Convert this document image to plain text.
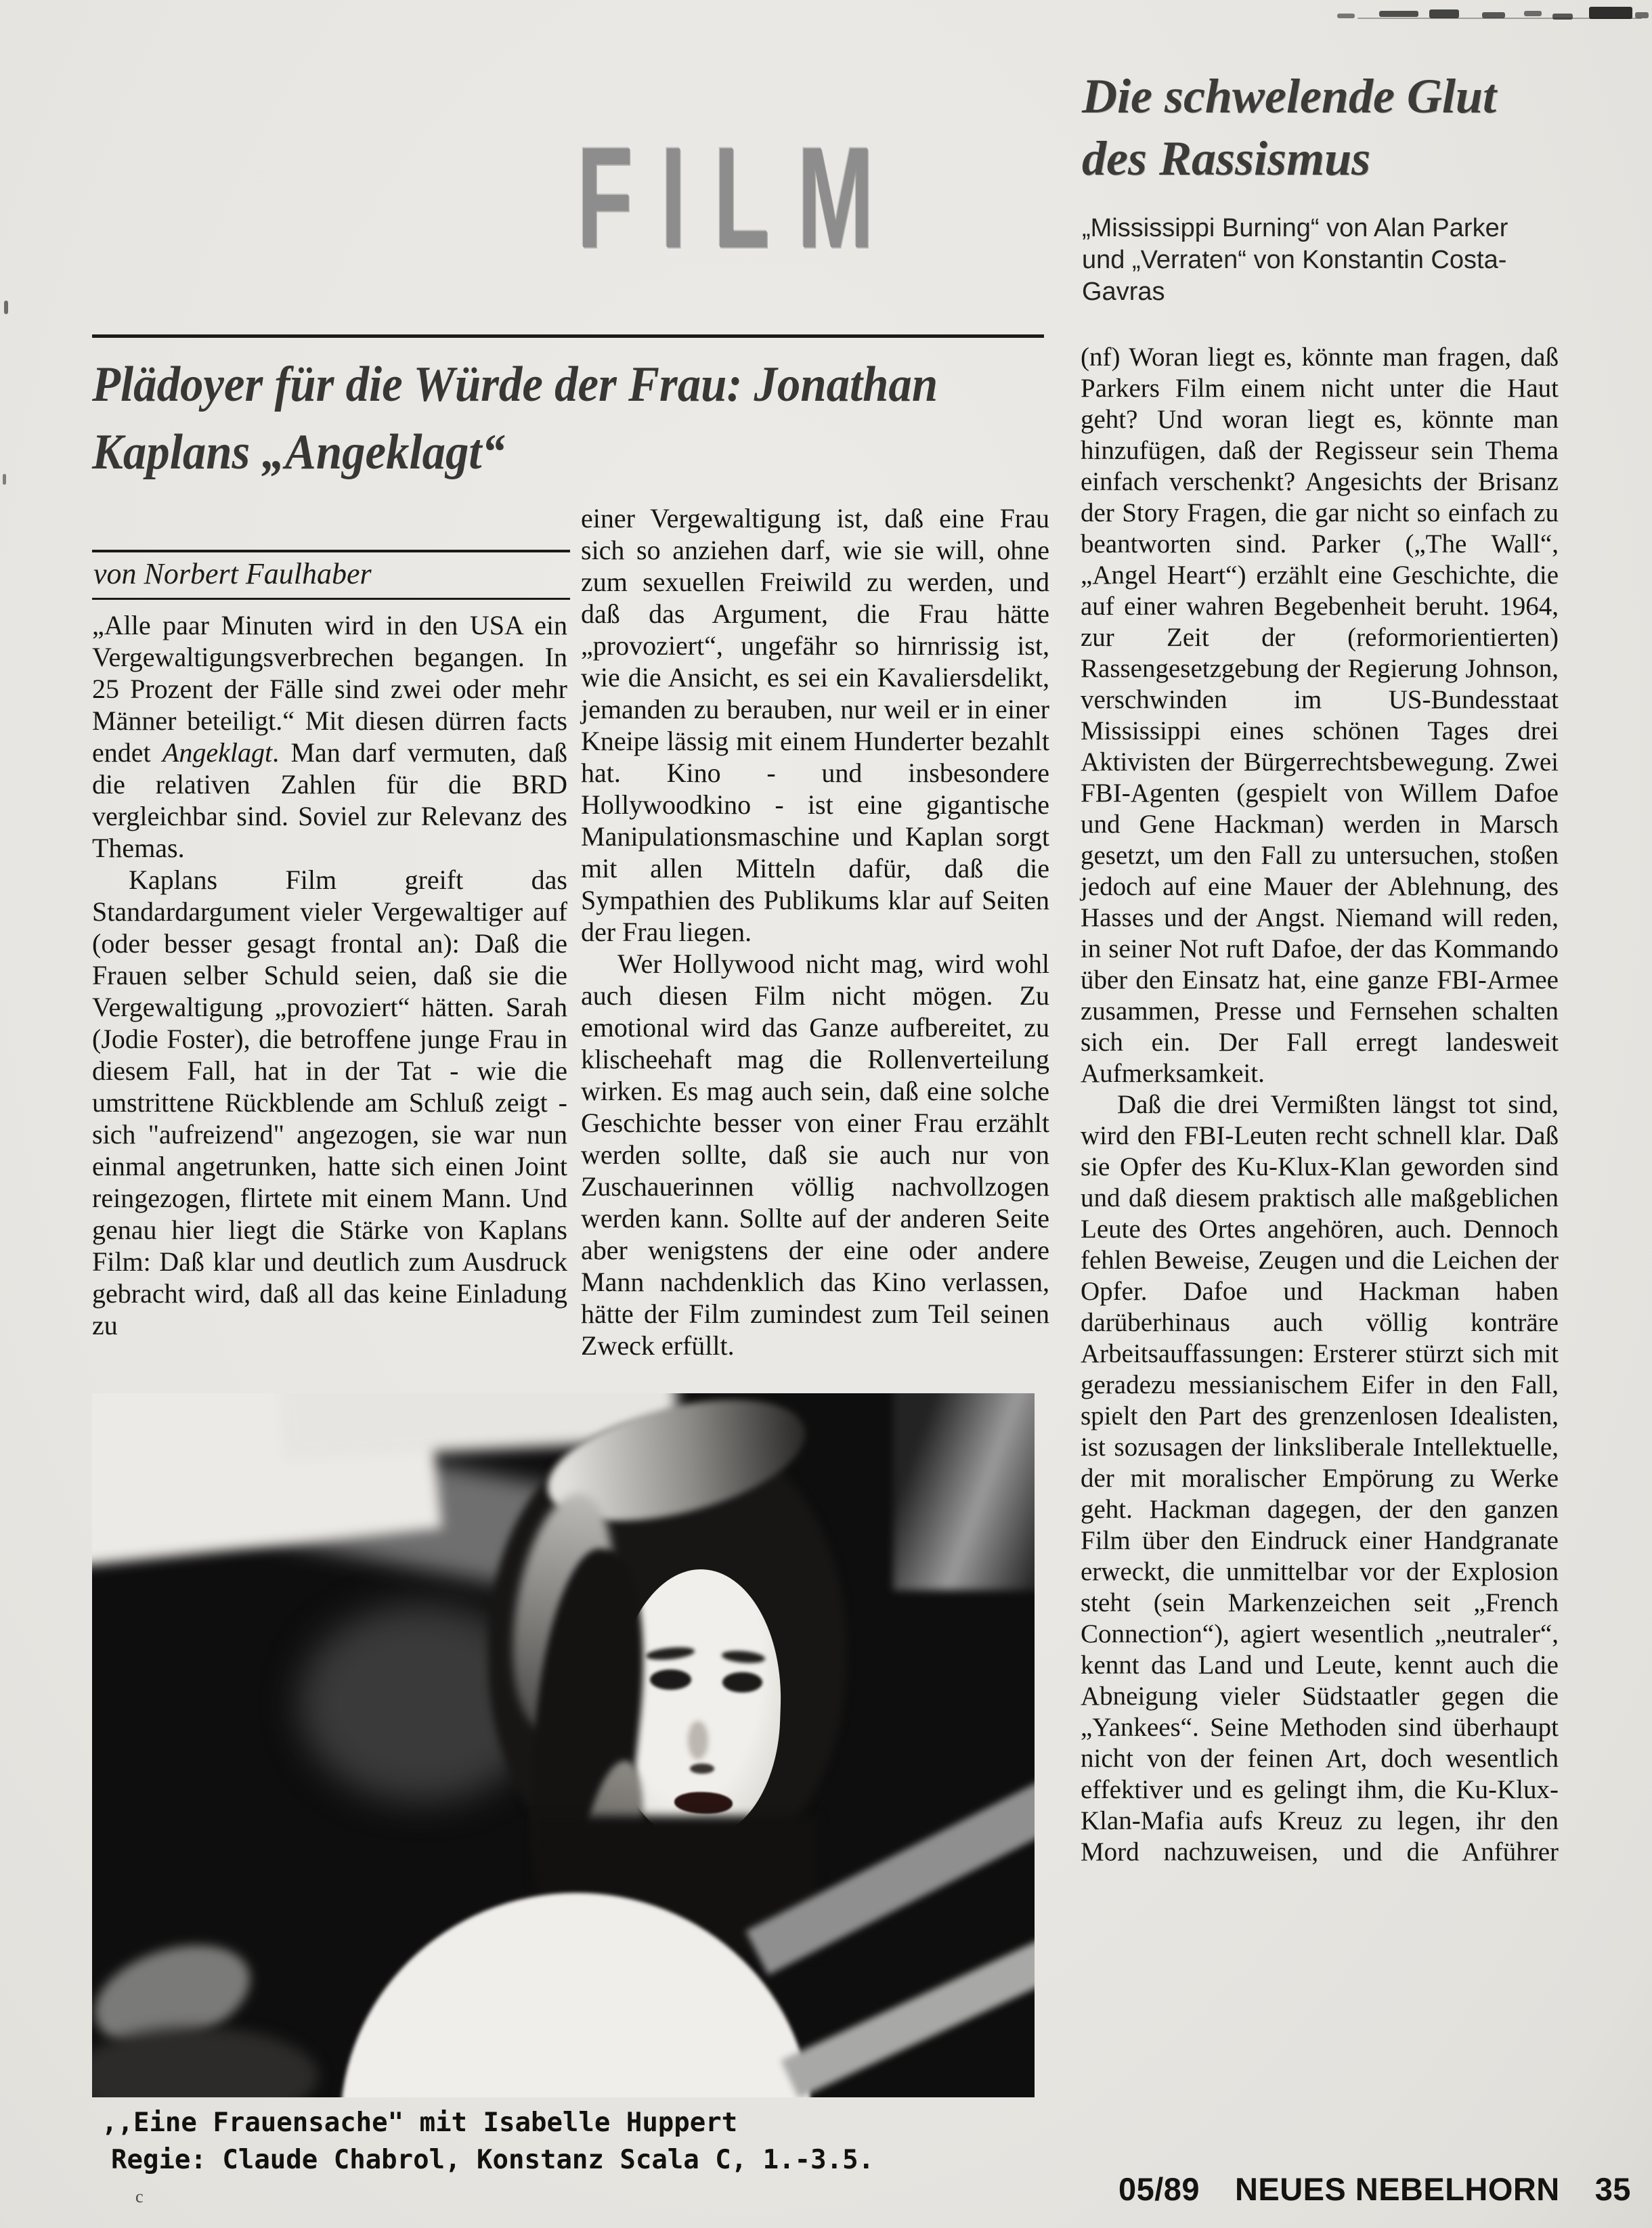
FILM
Die schwelende Glut
des Rassismus
„Mississippi Burning“ von Alan Parker
und „Verraten“ von Konstantin Costa-
Gavras
Plädoyer für die Würde der Frau: Jonathan
Kaplans „Angeklagt“
von Norbert Faulhaber

„Alle paar Minuten wird in den USA ein Vergewaltigungsverbrechen begangen. In 25 Prozent der Fälle sind zwei oder mehr Männer beteiligt.“ Mit diesen dürren facts endet Angeklagt. Man darf vermuten, daß die relativen Zahlen für die BRD vergleichbar sind. Soviel zur Relevanz des Themas.

Kaplans Film greift das Standardargument vieler Vergewaltiger auf (oder besser gesagt frontal an): Daß die Frauen selber Schuld seien, daß sie die Vergewaltigung „provoziert“ hätten. Sarah (Jodie Foster), die betroffene junge Frau in diesem Fall, hat in der Tat - wie die umstrittene Rückblende am Schluß zeigt - sich "aufreizend" angezogen, sie war nun einmal angetrunken, hatte sich einen Joint reingezogen, flirtete mit einem Mann. Und genau hier liegt die Stärke von Kaplans Film: Daß klar und deutlich zum Ausdruck gebracht wird, daß all das keine Einladung zu

einer Vergewaltigung ist, daß eine Frau sich so anziehen darf, wie sie will, ohne zum sexuellen Freiwild zu werden, und daß das Argument, die Frau hätte „provoziert“, ungefähr so hirnrissig ist, wie die Ansicht, es sei ein Kavaliersdelikt, jemanden zu berauben, nur weil er in einer Kneipe lässig mit einem Hunderter bezahlt hat. Kino - und insbesondere Hollywoodkino - ist eine gigantische Manipulationsmaschine und Kaplan sorgt mit allen Mitteln dafür, daß die Sympathien des Publikums klar auf Seiten der Frau liegen.

Wer Hollywood nicht mag, wird wohl auch diesen Film nicht mögen. Zu emotional wird das Ganze aufbereitet, zu klischeehaft mag die Rollenverteilung wirken. Es mag auch sein, daß eine solche Geschichte besser von einer Frau erzählt werden sollte, daß sie auch nur von Zuschauerinnen völlig nachvollzogen werden kann. Sollte auf der anderen Seite aber wenigstens der eine oder andere Mann nachdenklich das Kino verlassen, hätte der Film zumindest zum Teil seinen Zweck erfüllt.

(nf) Woran liegt es, könnte man fragen, daß Parkers Film einem nicht unter die Haut geht? Und woran liegt es, könnte man hinzufügen, daß der Regisseur sein Thema einfach verschenkt? Angesichts der Brisanz der Story Fragen, die gar nicht so einfach zu beantworten sind. Parker („The Wall“, „Angel Heart“) erzählt eine Geschichte, die auf einer wahren Begebenheit beruht. 1964, zur Zeit der (reformorientierten) Rassengesetzgebung der Regierung Johnson, verschwinden im US-Bundesstaat Mississippi eines schönen Tages drei Aktivisten der Bürgerrechtsbewegung. Zwei FBI-Agenten (gespielt von Willem Dafoe und Gene Hackman) werden in Marsch gesetzt, um den Fall zu untersuchen, stoßen jedoch auf eine Mauer der Ablehnung, des Hasses und der Angst. Niemand will reden, in seiner Not ruft Dafoe, der das Kommando über den Einsatz hat, eine ganze FBI-Armee zusammen, Presse und Fernsehen schalten sich ein. Der Fall erregt landesweit Aufmerksamkeit.

Daß die drei Vermißten längst tot sind, wird den FBI-Leuten recht schnell klar. Daß sie Opfer des Ku-Klux-Klan geworden sind und daß diesem praktisch alle maßgeblichen Leute des Ortes angehören, auch. Dennoch fehlen Beweise, Zeugen und die Leichen der Opfer. Dafoe und Hackman haben darüberhinaus auch völlig konträre Arbeitsauffassungen: Ersterer stürzt sich mit geradezu messianischem Eifer in den Fall, spielt den Part des grenzenlosen Idealisten, ist sozusagen der linksliberale Intellektuelle, der mit moralischer Empörung zu Werke geht. Hackman dagegen, der den ganzen Film über den Eindruck einer Handgranate erweckt, die unmittelbar vor der Explosion steht (sein Markenzeichen seit „French Connection“), agiert wesentlich „neutraler“, kennt das Land und Leute, kennt auch die Abneigung vieler Südstaatler gegen die „Yankees“. Seine Methoden sind überhaupt nicht von der feinen Art, doch wesentlich effektiver und es gelingt ihm, die Ku-Klux-Klan-Mafia aufs Kreuz zu legen, ihr den Mord nachzuweisen, und die Anführer

,,Eine Frauensache" mit Isabelle Huppert
Regie: Claude Chabrol, Konstanz Scala C, 1.-3.5.
c	05/89 NEUES NEBELHORN 35
